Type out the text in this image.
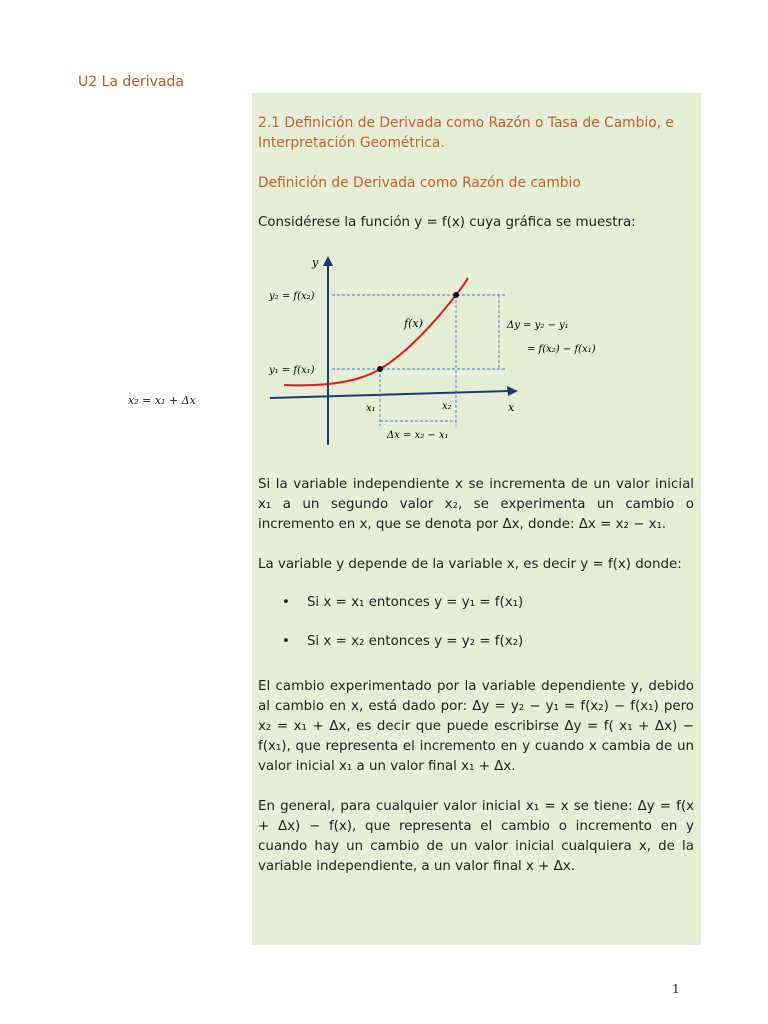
U2 La derivada
x₂ = x₁ + Δx
2.1 Definición de Derivada como Razón o Tasa de Cambio, e Interpretación Geométrica.
Definición de Derivada como Razón de cambio
Considérese la función y = f(x) cuya gráfica se muestra:
y
x
f(x)
y₂ = f(x₂)
y₁ = f(x₁)
x₁	x₂
Δx = x₂ − x₁
Δy = y₂ − y₁
= f(x₂) − f(x₁)
Si la variable independiente x se incrementa de un valor inicial x₁ a un segundo valor x₂, se experimenta un cambio o incremento en x, que se denota por Δx, donde: Δx = x₂ − x₁.
La variable y depende de la variable x, es decir y = f(x) donde:
•    Si x = x₁ entonces y = y₁ = f(x₁)
•    Si x = x₂ entonces y = y₂ = f(x₂)
El cambio experimentado por la variable dependiente y, debido al cambio en x, está dado por: Δy = y₂ − y₁ = f(x₂) − f(x₁) pero x₂ = x₁ + Δx, es decir que puede escribirse Δy = f( x₁ + Δx) − f(x₁), que representa el incremento en y cuando x cambia de un valor inicial x₁ a un valor final x₁ + Δx.
En general, para cualquier valor inicial x₁ = x se tiene: Δy = f(x + Δx) − f(x), que representa el cambio o incremento en y cuando hay un cambio de un valor inicial cualquiera x, de la variable independiente, a un valor final x + Δx.
1
